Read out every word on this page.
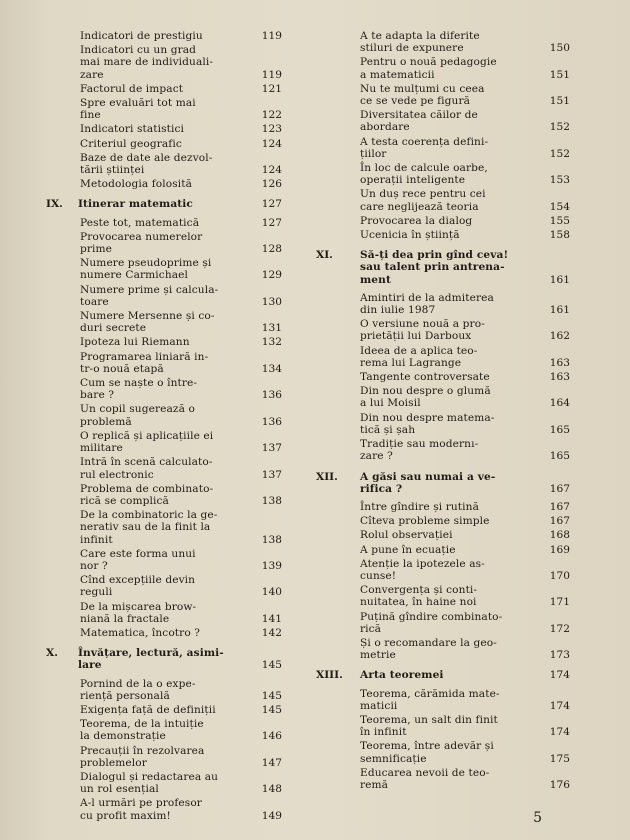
Indicatori de prestigiu	119
Indicatori cu un grad
mai mare de individuali-
zare	119
Factorul de impact	121
Spre evaluări tot mai
fine	122
Indicatori statistici	123
Criteriul geografic	124
Baze de date ale dezvol-
tării științei	124
Metodologia folosită	126
IX.	Itinerar matematic	127
Peste tot, matematică	127
Provocarea numerelor
prime	128
Numere pseudoprime și
numere Carmichael	129
Numere prime și calcula-
toare	130
Numere Mersenne și co-
duri secrete	131
Ipoteza lui Riemann	132
Programarea liniară in-
tr-o nouă etapă	134
Cum se naște o între-
bare ?	136
Un copil sugerează o
problemă	136
O replică și aplicațiile ei
militare	137
Intră în scenă calculato-
rul electronic	137
Problema de combinato-
rică se complică	138
De la combinatoric la ge-
nerativ sau de la finit la
infinit	138
Care este forma unui
nor ?	139
Cînd excepțiile devin
reguli	140
De la mișcarea brow-
niană la fractale	141
Matematica, încotro ?	142
X.	Învățare, lectură, asimi-
lare	145
Pornind de la o expe-
riență personală	145
Exigența față de definiții	145
Teorema, de la intuiție
la demonstrație	146
Precauții în rezolvarea
problemelor	147
Dialogul și redactarea au
un rol esențial	148
A-l urmări pe profesor
cu profit maxim!	149
A te adapta la diferite
stiluri de expunere	150
Pentru o nouă pedagogie
a matematicii	151
Nu te mulțumi cu ceea
ce se vede pe figură	151
Diversitatea căilor de
abordare	152
A testa coerența defini-
țiilor	152
În loc de calcule oarbe,
operații inteligente	153
Un duș rece pentru cei
care neglijează teoria	154
Provocarea la dialog	155
Ucenicia în știință	158
XI.	Să-ți dea prin gînd ceva!
sau talent prin antrena-
ment	161
Amintiri de la admiterea
din iulie 1987	161
O versiune nouă a pro-
prietății lui Darboux	162
Ideea de a aplica teo-
rema lui Lagrange	163
Tangente controversate	163
Din nou despre o glumă
a lui Moisil	164
Din nou despre matema-
tică și șah	165
Tradiție sau modernı-
zare ?	165
XII.	A găsi sau numai a ve-
rifica ?	167
Între gîndire și rutină	167
Cîteva probleme simple	167
Rolul observației	168
A pune în ecuație	169
Atenție la ipotezele as-
cunse!	170
Convergența și conti-
nuitatea, în haine noi	171
Puțină gîndire combinato-
rică	172
Și o recomandare la geo-
metrie	173
XIII.	Arta teoremei	174
Teorema, cărămida mate-
maticii	174
Teorema, un salt din finit
în infinit	174
Teorema, între adevăr și
semnificație	175
Educarea nevoii de teo-
remă	176
5
